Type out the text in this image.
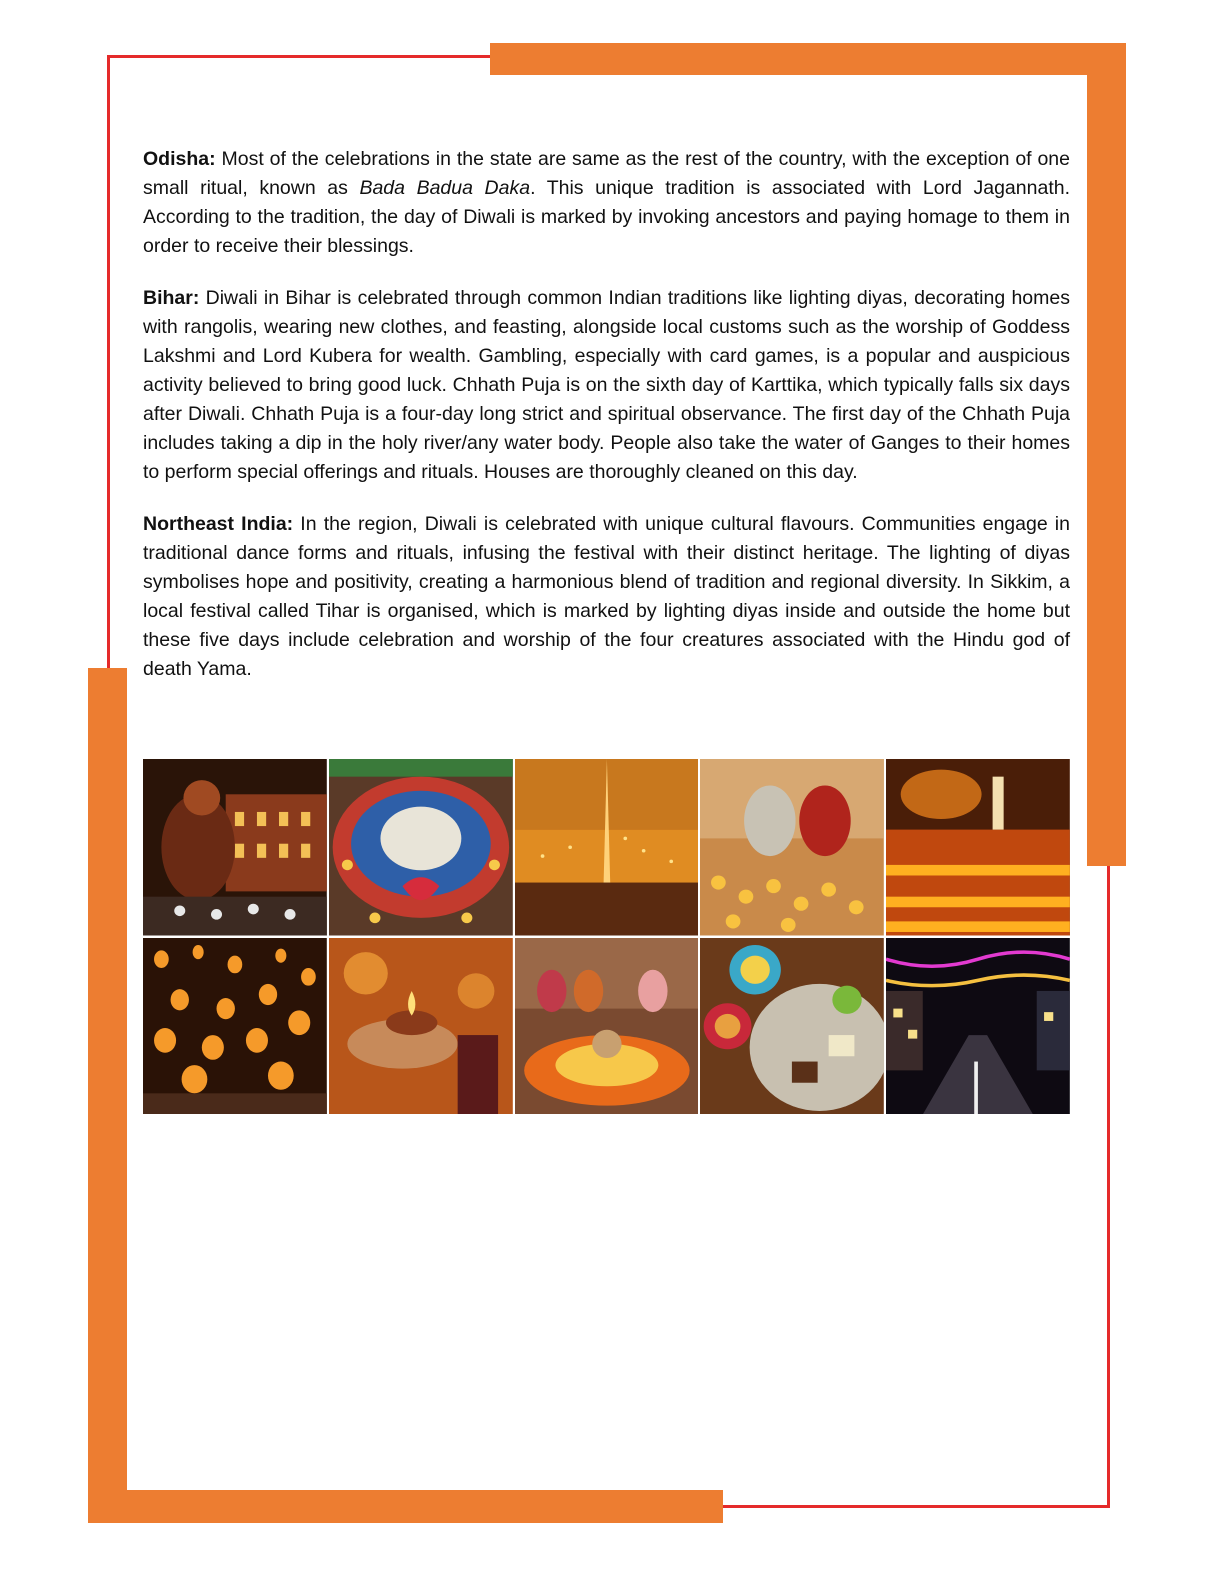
Odisha: Most of the celebrations in the state are same as the rest of the country, with the exception of one small ritual, known as Bada Badua Daka. This unique tradition is associated with Lord Jagannath. According to the tradition, the day of Diwali is marked by invoking ancestors and paying homage to them in order to receive their blessings.

Bihar: Diwali in Bihar is celebrated through common Indian traditions like lighting diyas, decorating homes with rangolis, wearing new clothes, and feasting, alongside local customs such as the worship of Goddess Lakshmi and Lord Kubera for wealth. Gambling, especially with card games, is a popular and auspicious activity believed to bring good luck. Chhath Puja is on the sixth day of Karttika, which typically falls six days after Diwali. Chhath Puja is a four-day long strict and spiritual observance. The first day of the Chhath Puja includes taking a dip in the holy river/any water body. People also take the water of Ganges to their homes to perform special offerings and rituals. Houses are thoroughly cleaned on this day.

Northeast India: In the region, Diwali is celebrated with unique cultural flavours. Communities engage in traditional dance forms and rituals, infusing the festival with their distinct heritage. The lighting of diyas symbolises hope and positivity, creating a harmonious blend of tradition and regional diversity. In Sikkim, a local festival called Tihar is organised, which is marked by lighting diyas inside and outside the home but these five days include celebration and worship of the four creatures associated with the Hindu god of death Yama.
